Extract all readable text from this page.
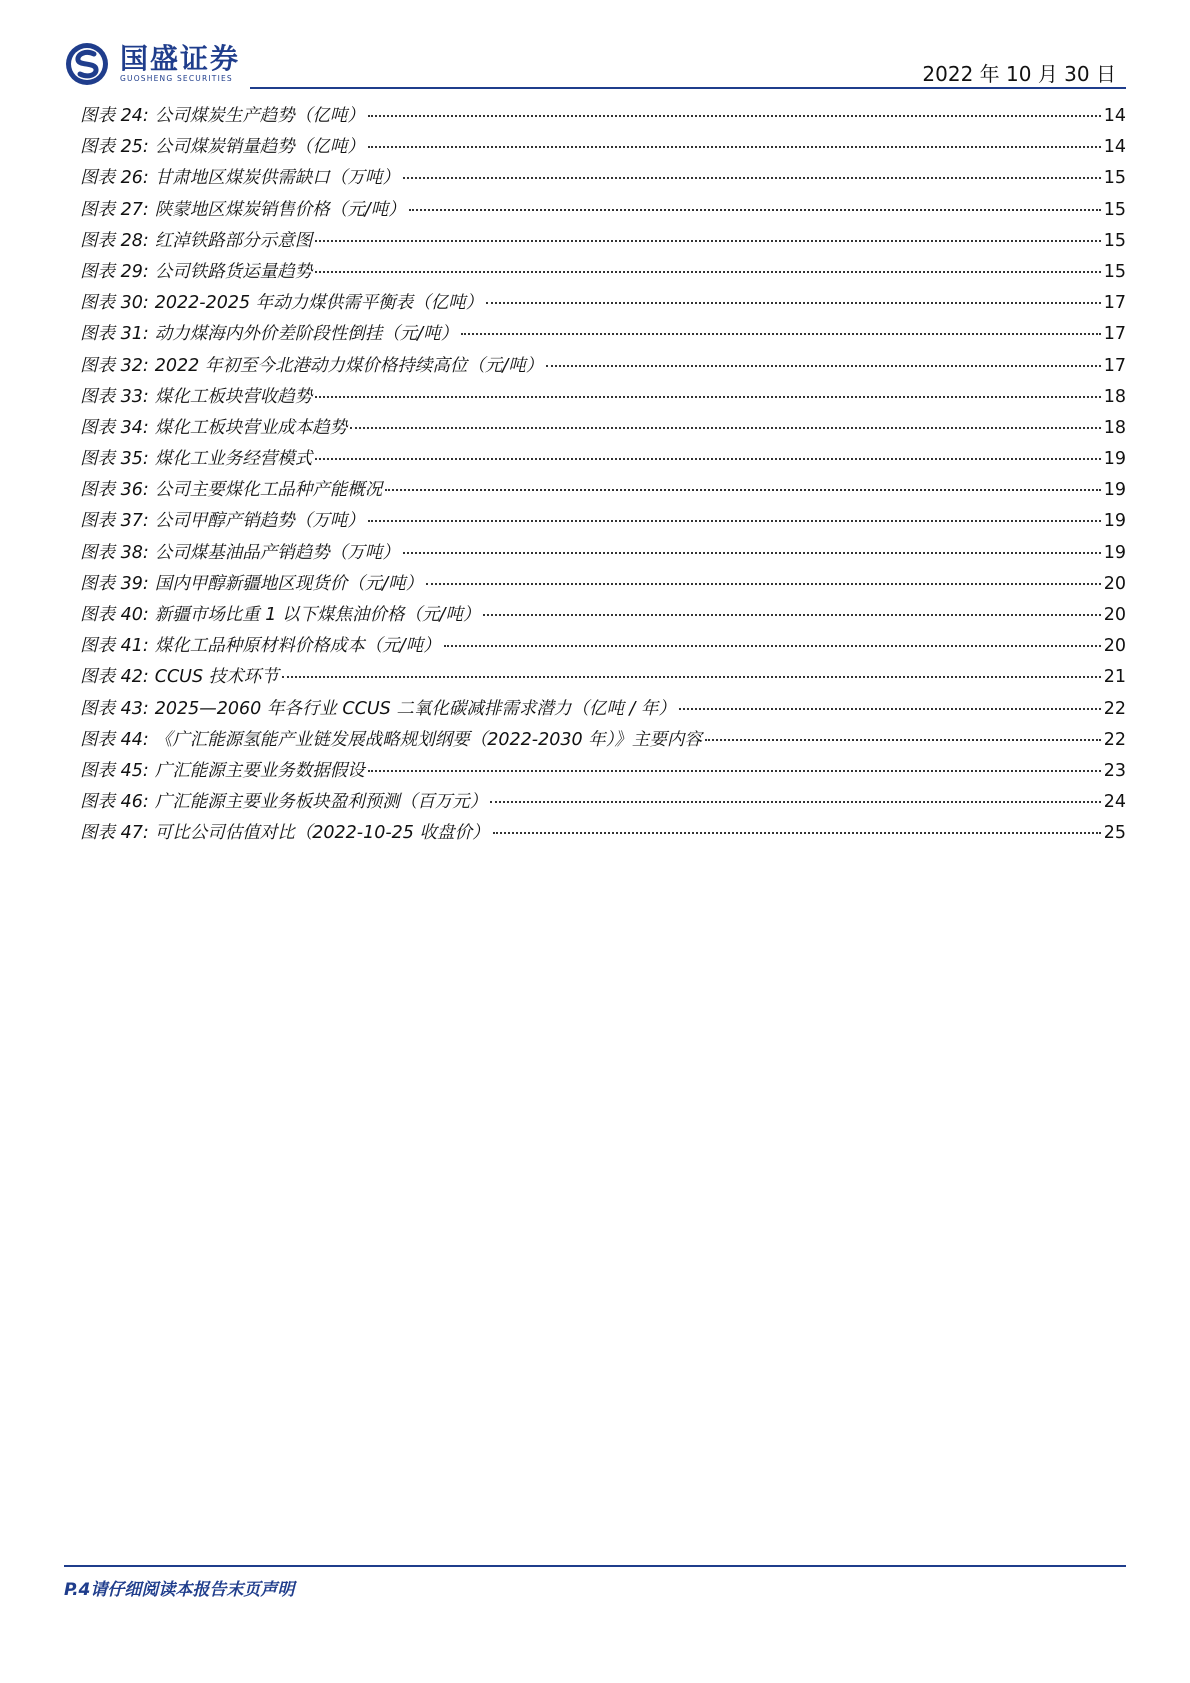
国盛证券
GUOSHENG SECURITIES	2022 年 10 月 30 日
图表 24: 公司煤炭生产趋势（亿吨）	14
图表 25: 公司煤炭销量趋势（亿吨）	14
图表 26: 甘肃地区煤炭供需缺口（万吨）	15
图表 27: 陕蒙地区煤炭销售价格（元/吨）	15
图表 28: 红淖铁路部分示意图	15
图表 29: 公司铁路货运量趋势	15
图表 30: 2022-2025 年动力煤供需平衡表（亿吨）	17
图表 31: 动力煤海内外价差阶段性倒挂（元/吨）	17
图表 32: 2022 年初至今北港动力煤价格持续高位（元/吨）	17
图表 33: 煤化工板块营收趋势	18
图表 34: 煤化工板块营业成本趋势	18
图表 35: 煤化工业务经营模式	19
图表 36: 公司主要煤化工品种产能概况	19
图表 37: 公司甲醇产销趋势（万吨）	19
图表 38: 公司煤基油品产销趋势（万吨）	19
图表 39: 国内甲醇新疆地区现货价（元/吨）	20
图表 40: 新疆市场比重 1 以下煤焦油价格（元/吨）	20
图表 41: 煤化工品种原材料价格成本（元/吨）	20
图表 42: CCUS 技术环节	21
图表 43: 2025—2060 年各行业 CCUS 二氧化碳减排需求潜力（亿吨 / 年）	22
图表 44: 《广汇能源氢能产业链发展战略规划纲要（2022-2030 年）》主要内容	22
图表 45: 广汇能源主要业务数据假设	23
图表 46: 广汇能源主要业务板块盈利预测（百万元）	24
图表 47: 可比公司估值对比（2022-10-25 收盘价）	25
P.4请仔细阅读本报告末页声明
